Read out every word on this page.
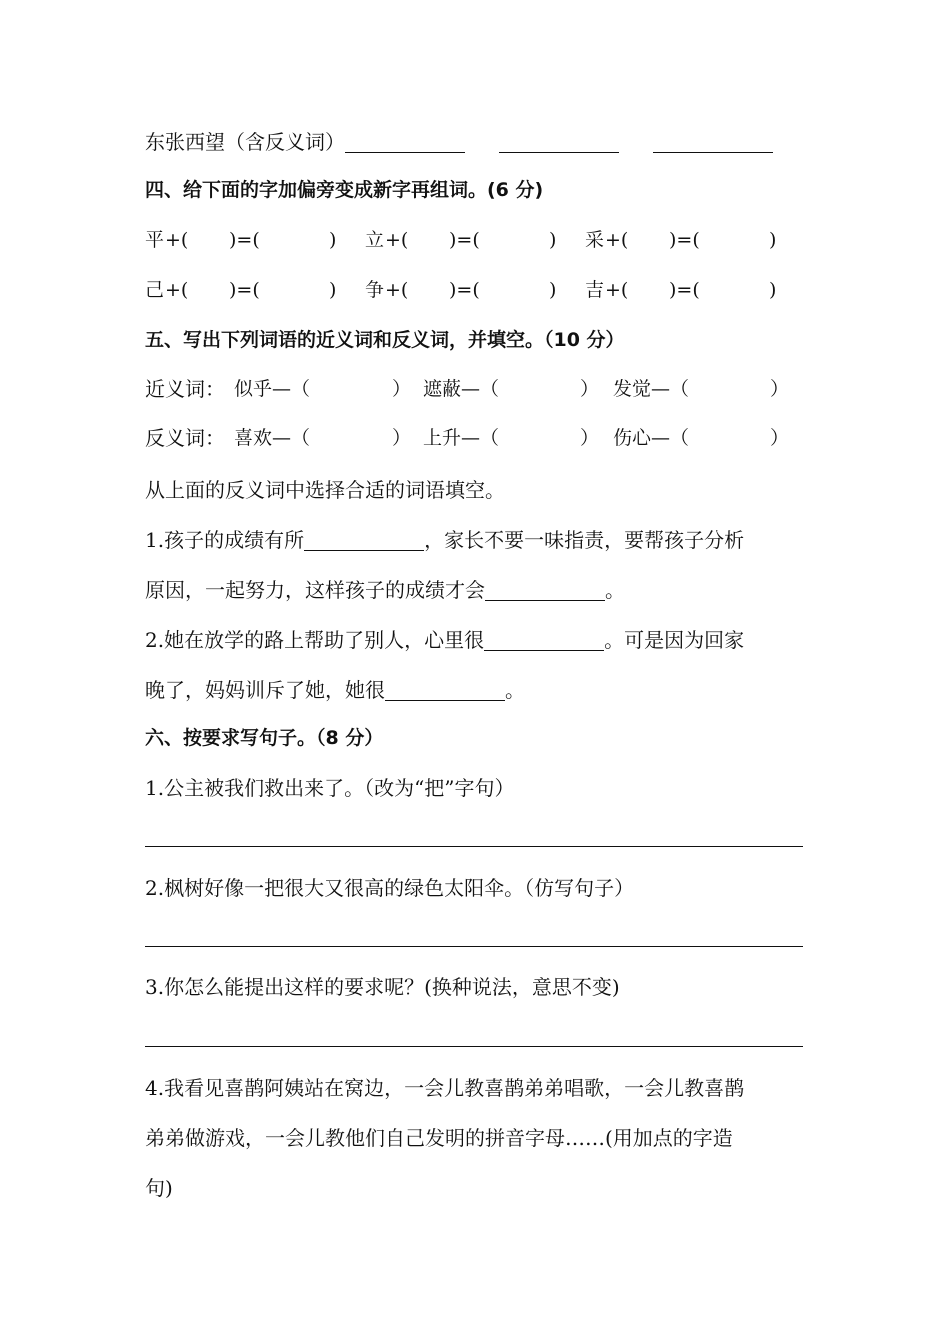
东张西望（含反义词）
四、给下面的字加偏旁变成新字再组词。(6 分)
平 +( )=(	) 立 +( )=(	) 采 +( )=(	)
己 +( )=(	) 争 +( )=(	) 吉 +( )=(	)
五、写出下列词语的近义词和反义词，并填空。（10 分）
近义词： 似乎—（	） 遮蔽—（	） 发觉—（	）
反义词： 喜欢—（	） 上升—（	） 伤心—（	）
从上面的反义词中选择合适的词语填空。
1.孩子的成绩有所	，家长不要一味指责，要帮孩子分析
原因，一起努力，这样孩子的成绩才会	。
2.她在放学的路上帮助了别人，心里很	。可是因为回家
晚了，妈妈训斥了她，她很	。
六、按要求写句子。（8 分）
1.公主被我们救出来了。（改为“把”字句）
2.枫树好像一把很大又很高的绿色太阳伞。（仿写句子）
3.你怎么能提出这样的要求呢？(换种说法，意思不变)
4.我看见喜鹊阿姨站在窝边，一会儿教喜鹊弟弟唱歌，一会儿教喜鹊
弟弟做游戏，一会儿教他们自己发明的拼音字母……(用加点的字造
句)
